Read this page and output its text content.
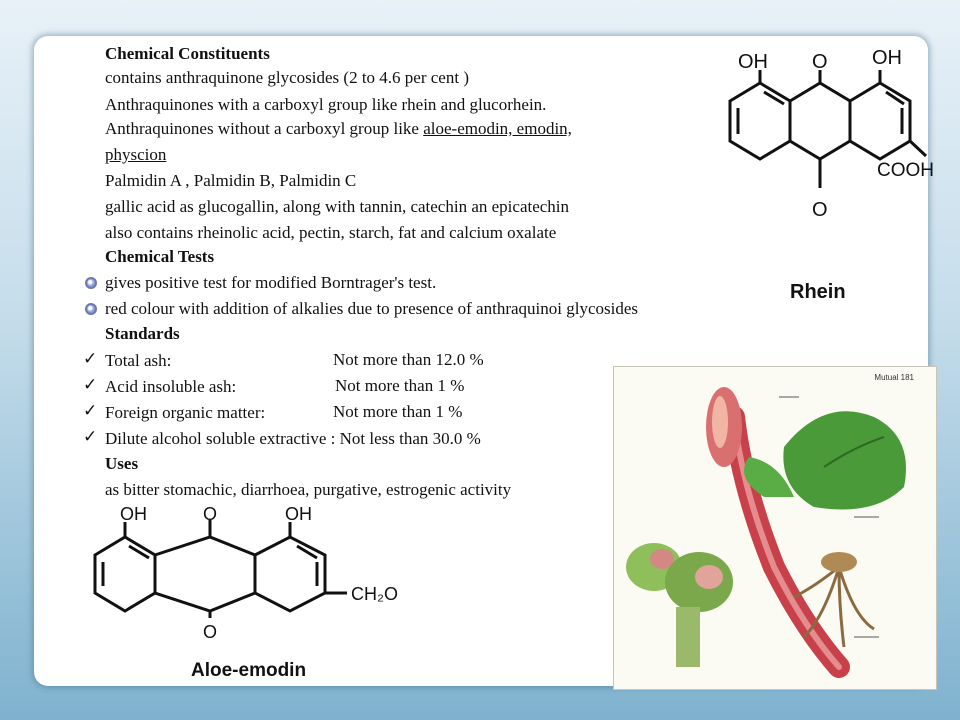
Chemical Constituents
contains anthraquinone glycosides (2 to 4.6 per cent )
Anthraquinones with a carboxyl group like rhein and glucorhein.
Anthraquinones without a carboxyl group like aloe-emodin, emodin,
physcion
Palmidin A , Palmidin B, Palmidin C
gallic acid as glucogallin, along with tannin, catechin an epicatechin
also contains rheinolic acid, pectin, starch, fat and calcium oxalate
Chemical Tests
gives positive test for modified Borntrager's test.
red colour with addition of alkalies due to presence of anthraquinoi glycosides
Standards
✓ Total ash:	Not more than 12.0 %
✓ Acid insoluble ash:	Not more than 1 %
✓ Foreign organic matter:	Not more than 1 %
✓ Dilute alcohol soluble extractive : Not less than 30.0 %
Uses
as bitter stomachic, diarrhoea, purgative, estrogenic activity
OH O OH
O
COOH
Rhein
OH	O	OH
O
CH₂O
Aloe-emodin
Mutual 181
